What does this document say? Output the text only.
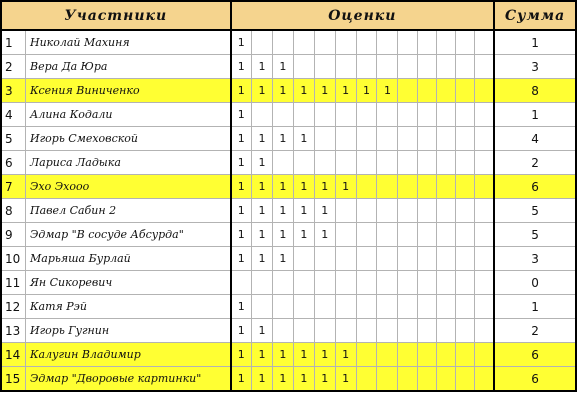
Участники		Оценки													Сумма
1	Николай Махиня	1													1
2	Вера Да Юра	1	1	1											3
3	Ксения Виниченко	1	1	1	1	1	1	1	1						8
4	Алина Кодали	1													1
5	Игорь Смеховской	1	1	1	1										4
6	Лариса Ладыка	1	1												2
7	Эхо Эхооо	1	1	1	1	1	1								6
8	Павел Сабин 2	1	1	1	1	1									5
9	Эдмар "В сосуде Абсурда"	1	1	1	1	1									5
10	Марьяша Бурлай	1	1	1											3
11	Ян Сикоревич														0
12	Катя Рэй	1													1
13	Игорь Гугнин	1	1												2
14	Калугин Владимир	1	1	1	1	1	1								6
15	Эдмар "Дворовые картинки"	1	1	1	1	1	1								6
